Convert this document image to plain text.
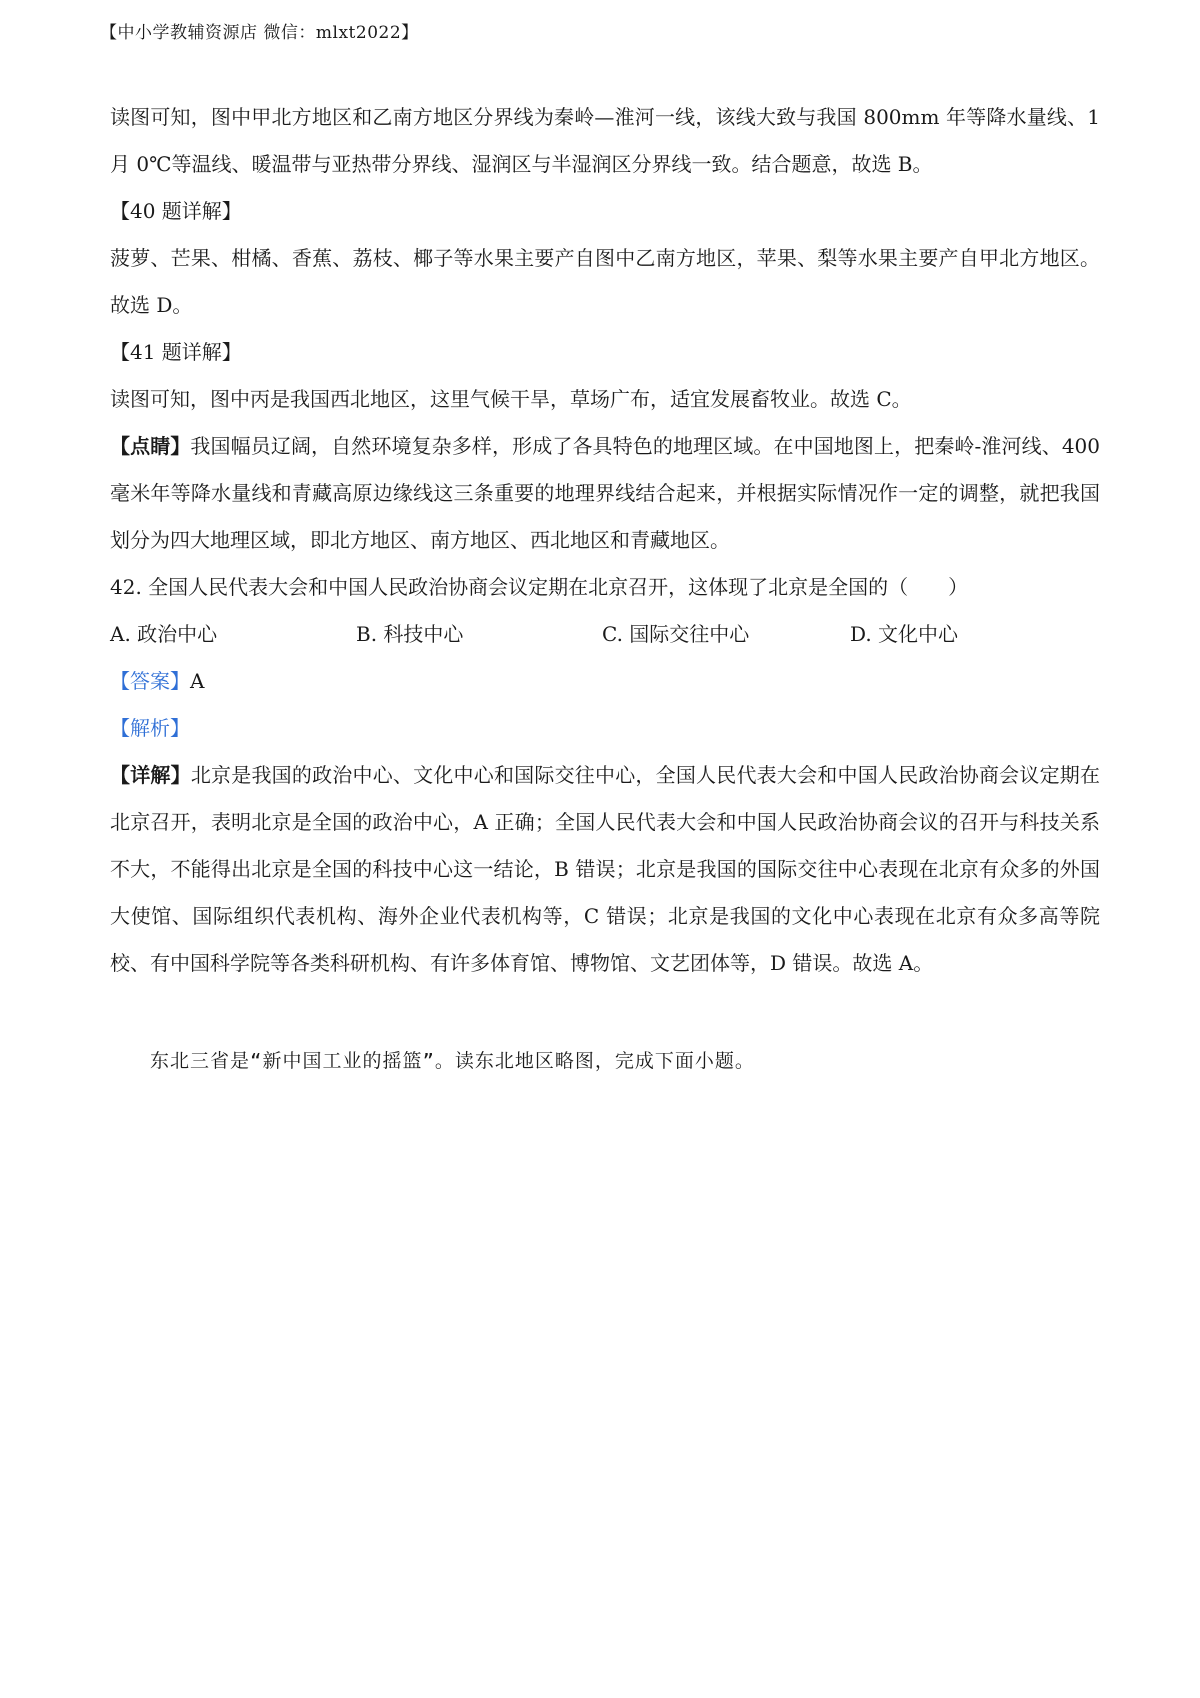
【中小学教辅资源店 微信：mlxt2022】

读图可知，图中甲北方地区和乙南方地区分界线为秦岭—淮河一线，该线大致与我国 800mm 年等降水量线、1 月 0℃等温线、暖温带与亚热带分界线、湿润区与半湿润区分界线一致。结合题意，故选 B。

【40 题详解】

菠萝、芒果、柑橘、香蕉、荔枝、椰子等水果主要产自图中乙南方地区，苹果、梨等水果主要产自甲北方地区。故选 D。

【41 题详解】

读图可知，图中丙是我国西北地区，这里气候干旱，草场广布，适宜发展畜牧业。故选 C。

【点睛】我国幅员辽阔，自然环境复杂多样，形成了各具特色的地理区域。在中国地图上，把秦岭-淮河线、400 毫米年等降水量线和青藏高原边缘线这三条重要的地理界线结合起来，并根据实际情况作一定的调整，就把我国划分为四大地理区域，即北方地区、南方地区、西北地区和青藏地区。

42. 全国人民代表大会和中国人民政治协商会议定期在北京召开，这体现了北京是全国的（　　）

A. 政治中心	B. 科技中心	C. 国际交往中心	D. 文化中心

【答案】A

【解析】

【详解】北京是我国的政治中心、文化中心和国际交往中心，全国人民代表大会和中国人民政治协商会议定期在北京召开，表明北京是全国的政治中心，A 正确；全国人民代表大会和中国人民政治协商会议的召开与科技关系不大，不能得出北京是全国的科技中心这一结论，B 错误；北京是我国的国际交往中心表现在北京有众多的外国大使馆、国际组织代表机构、海外企业代表机构等，C 错误；北京是我国的文化中心表现在北京有众多高等院校、有中国科学院等各类科研机构、有许多体育馆、博物馆、文艺团体等，D 错误。故选 A。

东北三省是“新中国工业的摇篮”。读东北地区略图，完成下面小题。
